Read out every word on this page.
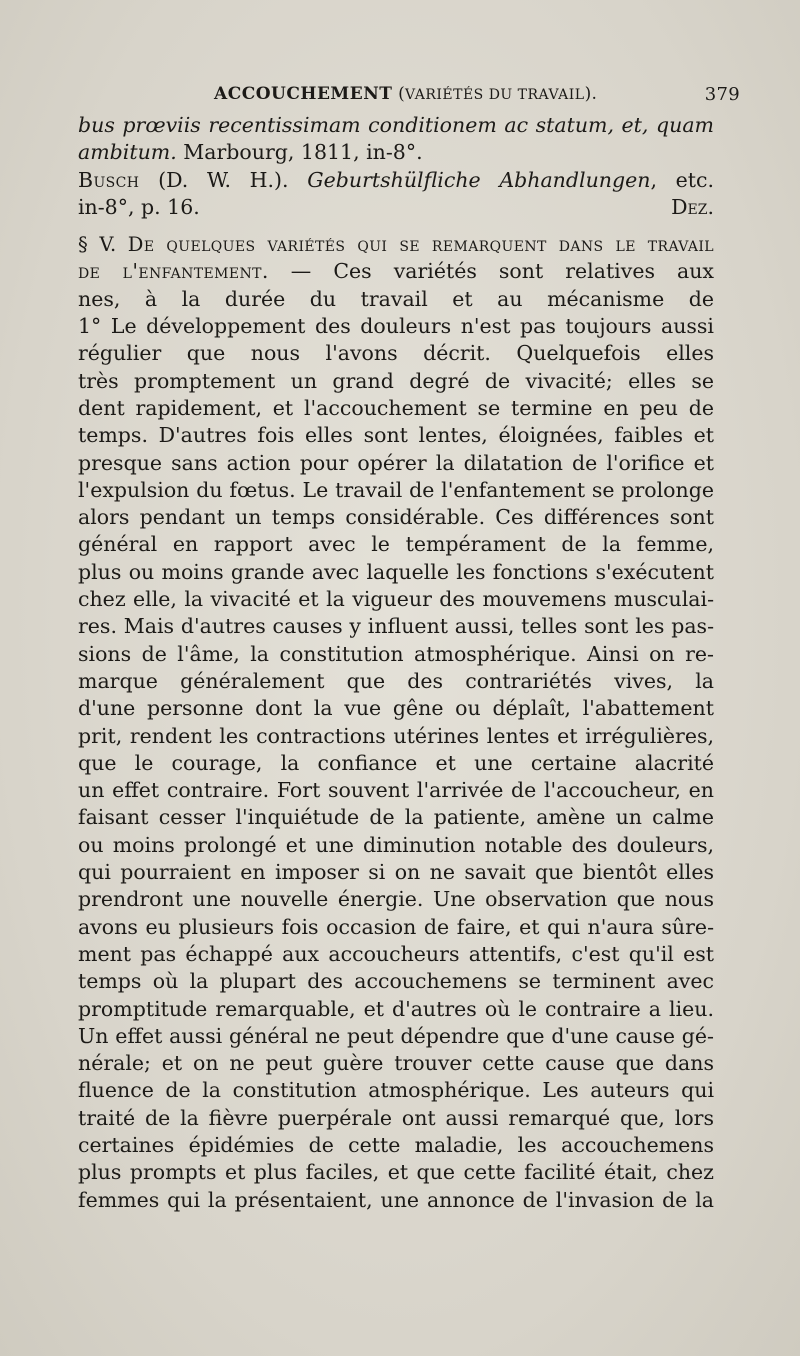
ACCOUCHEMENT (VARIÉTÉS DU TRAVAIL).	379
bus prœviis recentissimam conditionem ac statum, et, quam
ambitum. Marbourg, 1811, in-8°.
Busch (D. W. H.). Geburtshülfliche Abhandlungen, etc.
in-8°, p. 16.	Dez.
§ V. De quelques variétés qui se remarquent dans le travail
de l'enfantement. — Ces variétés sont relatives aux
nes, à la durée du travail et au mécanisme de
1° Le développement des douleurs n'est pas toujours aussi
régulier que nous l'avons décrit. Quelquefois elles
très promptement un grand degré de vivacité; elles se
dent rapidement, et l'accouchement se termine en peu de
temps. D'autres fois elles sont lentes, éloignées, faibles et
presque sans action pour opérer la dilatation de l'orifice et
l'expulsion du fœtus. Le travail de l'enfantement se prolonge
alors pendant un temps considérable. Ces différences sont
général en rapport avec le tempérament de la femme,
plus ou moins grande avec laquelle les fonctions s'exécutent
chez elle, la vivacité et la vigueur des mouvemens musculai-
res. Mais d'autres causes y influent aussi, telles sont les pas-
sions de l'âme, la constitution atmosphérique. Ainsi on re-
marque généralement que des contrariétés vives, la
d'une personne dont la vue gêne ou déplaît, l'abattement
prit, rendent les contractions utérines lentes et irrégulières,
que le courage, la confiance et une certaine alacrité
un effet contraire. Fort souvent l'arrivée de l'accoucheur, en
faisant cesser l'inquiétude de la patiente, amène un calme
ou moins prolongé et une diminution notable des douleurs,
qui pourraient en imposer si on ne savait que bientôt elles
prendront une nouvelle énergie. Une observation que nous
avons eu plusieurs fois occasion de faire, et qui n'aura sûre-
ment pas échappé aux accoucheurs attentifs, c'est qu'il est
temps où la plupart des accouchemens se terminent avec
promptitude remarquable, et d'autres où le contraire a lieu.
Un effet aussi général ne peut dépendre que d'une cause gé-
nérale; et on ne peut guère trouver cette cause que dans
fluence de la constitution atmosphérique. Les auteurs qui
traité de la fièvre puerpérale ont aussi remarqué que, lors
certaines épidémies de cette maladie, les accouchemens
plus prompts et plus faciles, et que cette facilité était, chez
femmes qui la présentaient, une annonce de l'invasion de la
